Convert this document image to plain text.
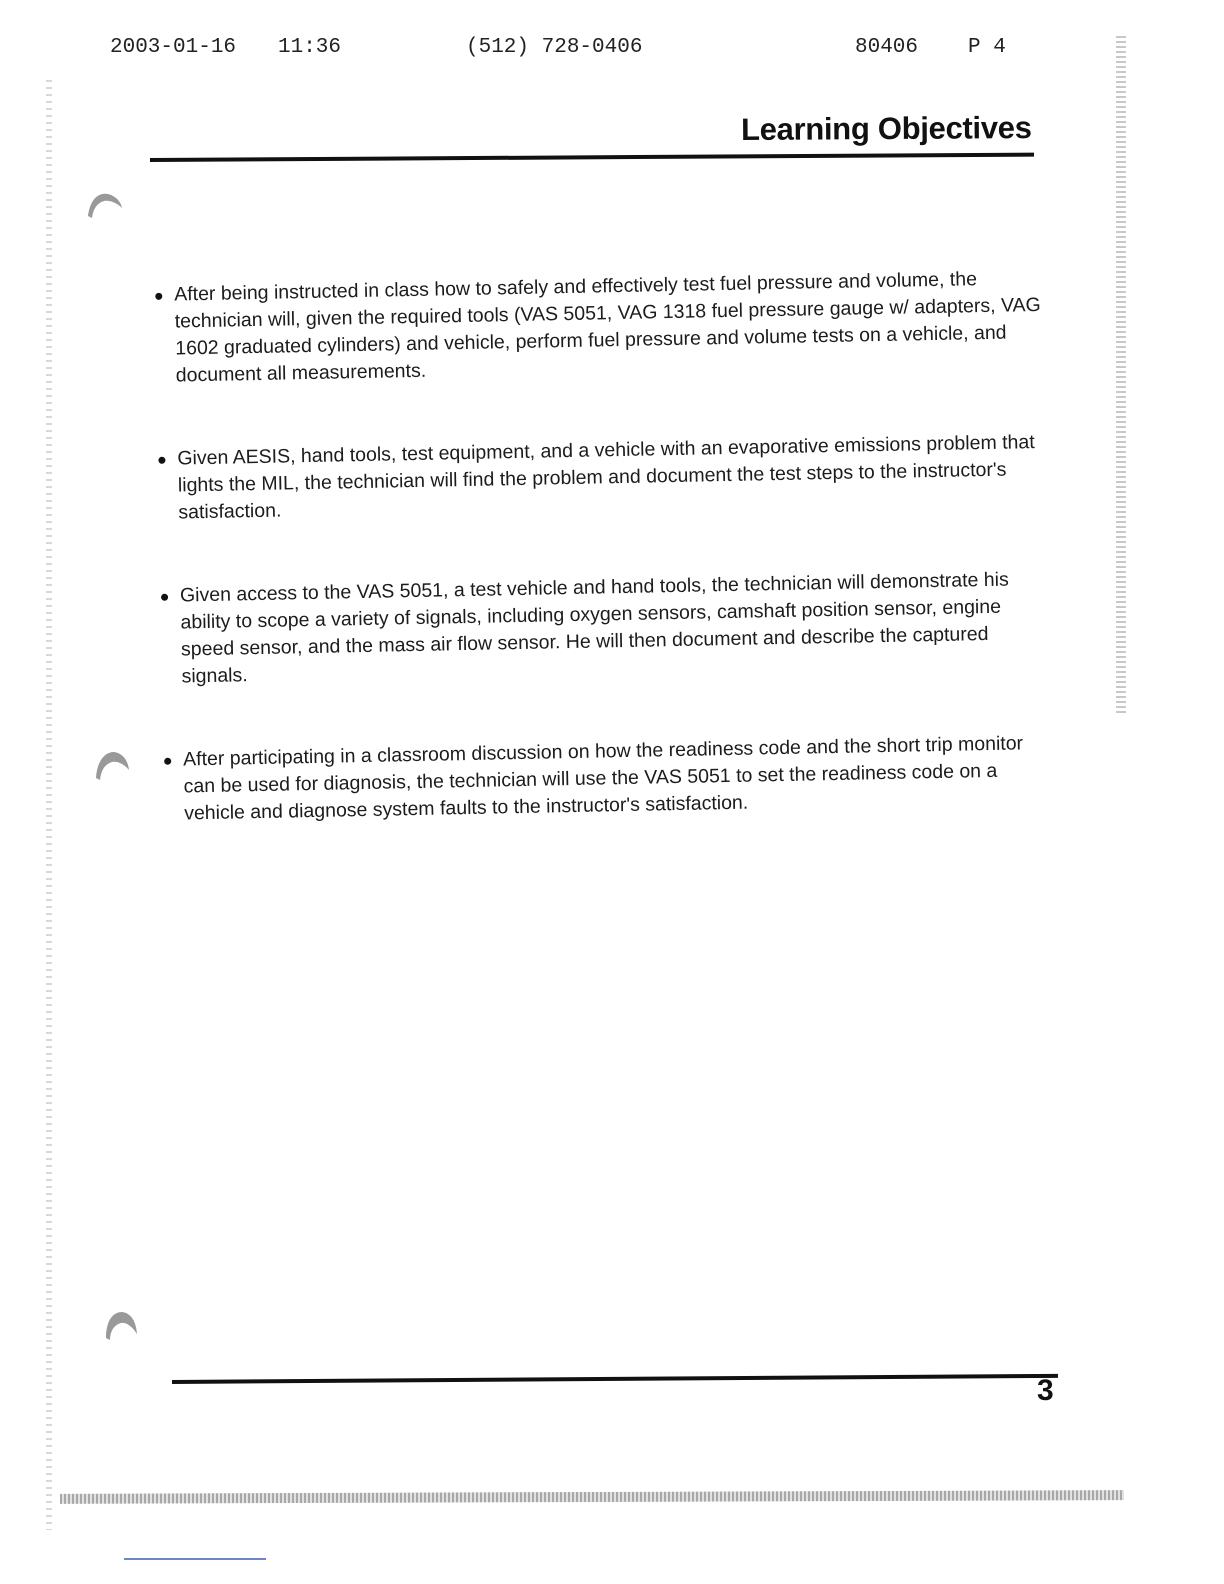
2003-01-16 11:36	(512) 728-0406	80406 P 4
Learning Objectives
After being instructed in class how to safely and effectively test fuel pressure and volume, the technician will, given the required tools (VAS 5051, VAG 1318 fuel pressure gauge w/ adapters, VAG 1602 graduated cylinders) and vehicle, perform fuel pressure and volume tests on a vehicle, and document all measurements.
Given AESIS, hand tools, test equipment, and a vehicle with an evaporative emissions problem that lights the MIL, the technician will find the problem and document the test steps to the instructor's satisfaction.
Given access to the VAS 5051, a test vehicle and hand tools, the technician will demonstrate his ability to scope a variety of signals, including oxygen sensors, camshaft position sensor, engine speed sensor, and the mass air flow sensor. He will then document and describe the captured signals.
After participating in a classroom discussion on how the readiness code and the short trip monitor can be used for diagnosis, the technician will use the VAS 5051 to set the readiness code on a vehicle and diagnose system faults to the instructor's satisfaction.
3
